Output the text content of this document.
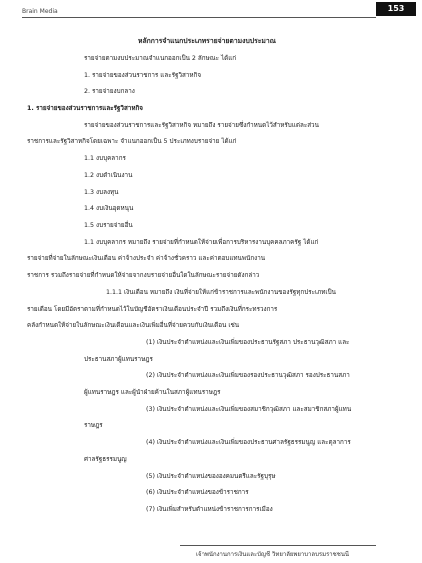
Brain Media	153
หลักการจำแนกประเภทรายจ่ายตามงบประมาณ
รายจ่ายตามงบประมาณจำแนกออกเป็น 2 ลักษณะ ได้แก่
1. รายจ่ายของส่วนราชการ และรัฐวิสาหกิจ
2. รายจ่ายงบกลาง
1. รายจ่ายของส่วนราชการและรัฐวิสาหกิจ
รายจ่ายของส่วนราชการและรัฐวิสาหกิจ หมายถึง รายจ่ายซึ่งกำหนดไว้สำหรับแต่ละส่วน
ราชการและรัฐวิสาหกิจโดยเฉพาะ จำแนกออกเป็น 5 ประเภทงบรายจ่าย ได้แก่
1.1 งบบุคลากร
1.2 งบดำเนินงาน
1.3 งบลงทุน
1.4 งบเงินอุดหนุน
1.5 งบรายจ่ายอื่น
1.1 งบบุคลากร หมายถึง รายจ่ายที่กำหนดให้จ่ายเพื่อการบริหารงานบุคคลภาครัฐ ได้แก่
รายจ่ายที่จ่ายในลักษณะเงินเดือน ค่าจ้างประจำ ค่าจ้างชั่วคราว และค่าตอบแทนพนักงาน
ราชการ รวมถึงรายจ่ายที่กำหนดให้จ่ายจากงบรายจ่ายอื่นใดในลักษณะรายจ่ายดังกล่าว
1.1.1 เงินเดือน หมายถึง เงินที่จ่ายให้แก่ข้าราชการและพนักงานของรัฐทุกประเภทเป็น
รายเดือน โดยมีอัตราตามที่กำหนดไว้ในบัญชีอัตราเงินเดือนประจำปี รวมถึงเงินที่กระทรวงการ
คลังกำหนดให้จ่ายในลักษณะเงินเดือนและเงินเพิ่มอื่นที่จ่ายควบกับเงินเดือน เช่น
(1) เงินประจำตำแหน่งและเงินเพิ่มของประธานรัฐสภา ประธานวุฒิสภา และ
ประธานสภาผู้แทนราษฎร
(2) เงินประจำตำแหน่งและเงินเพิ่มของรองประธานวุฒิสภา รองประธานสภา
ผู้แทนราษฎร และผู้นำฝ่ายค้านในสภาผู้แทนราษฎร
(3) เงินประจำตำแหน่งและเงินเพิ่มของสมาชิกวุฒิสภา และสมาชิกสภาผู้แทน
ราษฎร
(4) เงินประจำตำแหน่งและเงินเพิ่มของประธานศาลรัฐธรรมนูญ และตุลาการ
ศาลรัฐธรรมนูญ
(5) เงินประจำตำแหน่งขององคมนตรีและรัฐบุรุษ
(6) เงินประจำตำแหน่งของข้าราชการ
(7) เงินเพิ่มสำหรับตำแหน่งข้าราชการการเมือง
เจ้าพนักงานการเงินและบัญชี วิทยาลัยพยาบาลบรมราชชนนี
